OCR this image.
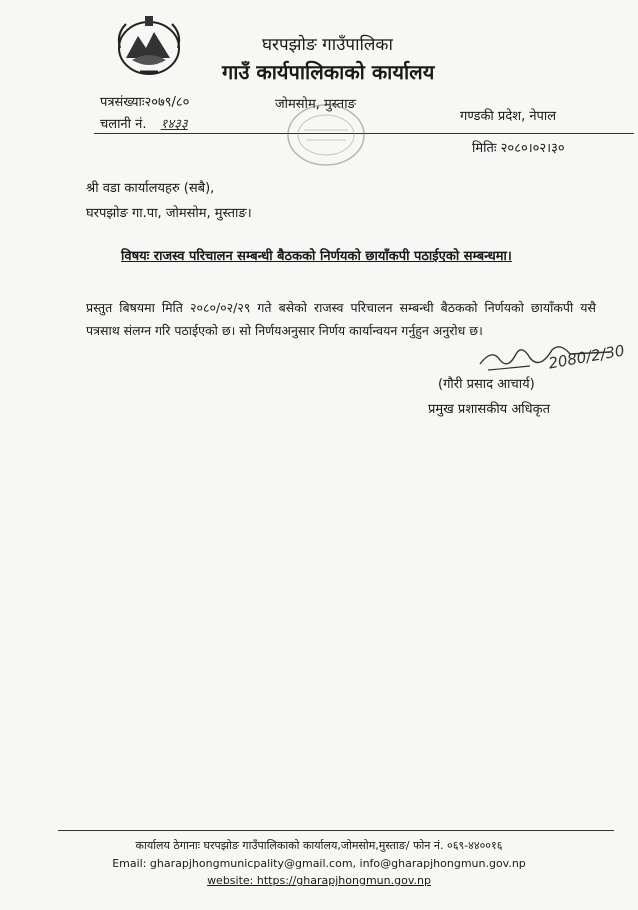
घरपझोङ गाउँपालिका
गाउँ कार्यपालिकाको कार्यालय
पत्रसंख्याः२०७९/८०	जोमसोम, मुस्ताङ
गण्डकी प्रदेश, नेपाल
चलानी नं. १४३३
मितिः २०८०।०२।३०
श्री वडा कार्यालयहरु (सबै),
घरपझोङ गा.पा, जोमसोम, मुस्ताङ।
विषयः राजस्व परिचालन सम्बन्धी बैठकको निर्णयको छायाँकपी पठाईएको सम्बन्धमा।
प्रस्तुत बिषयमा मिति २०८०/०२/२९ गते बसेको राजस्व परिचालन सम्बन्धी बैठकको निर्णयको छायाँकपी यसै पत्रसाथ संलग्न गरि पठाईएको छ। सो निर्णयअनुसार निर्णय कार्यान्वयन गर्नुहुन अनुरोध छ।
2080/2/30
(गौरी प्रसाद आचार्य)
प्रमुख प्रशासकीय अधिकृत
कार्यालय ठेगानाः घरपझोङ गाउँपालिकाको कार्यालय,जोमसोम,मुस्ताङ/ फोन नं. ०६९-४४००१६
Email: gharapjhongmunicpality@gmail.com, info@gharapjhongmun.gov.np
website: https://gharapjhongmun.gov.np
